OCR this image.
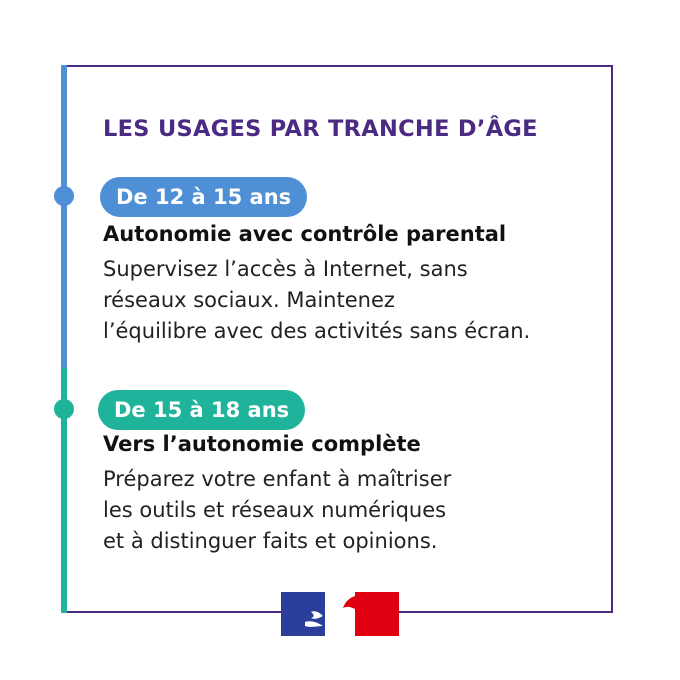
LES USAGES PAR TRANCHE D’ÂGE
De 12 à 15 ans
Autonomie avec contrôle parental
Supervisez l’accès à Internet, sans
réseaux sociaux. Maintenez
l’équilibre avec des activités sans écran.
De 15 à 18 ans
Vers l’autonomie complète
Préparez votre enfant à maîtriser
les outils et réseaux numériques
et à distinguer faits et opinions.
